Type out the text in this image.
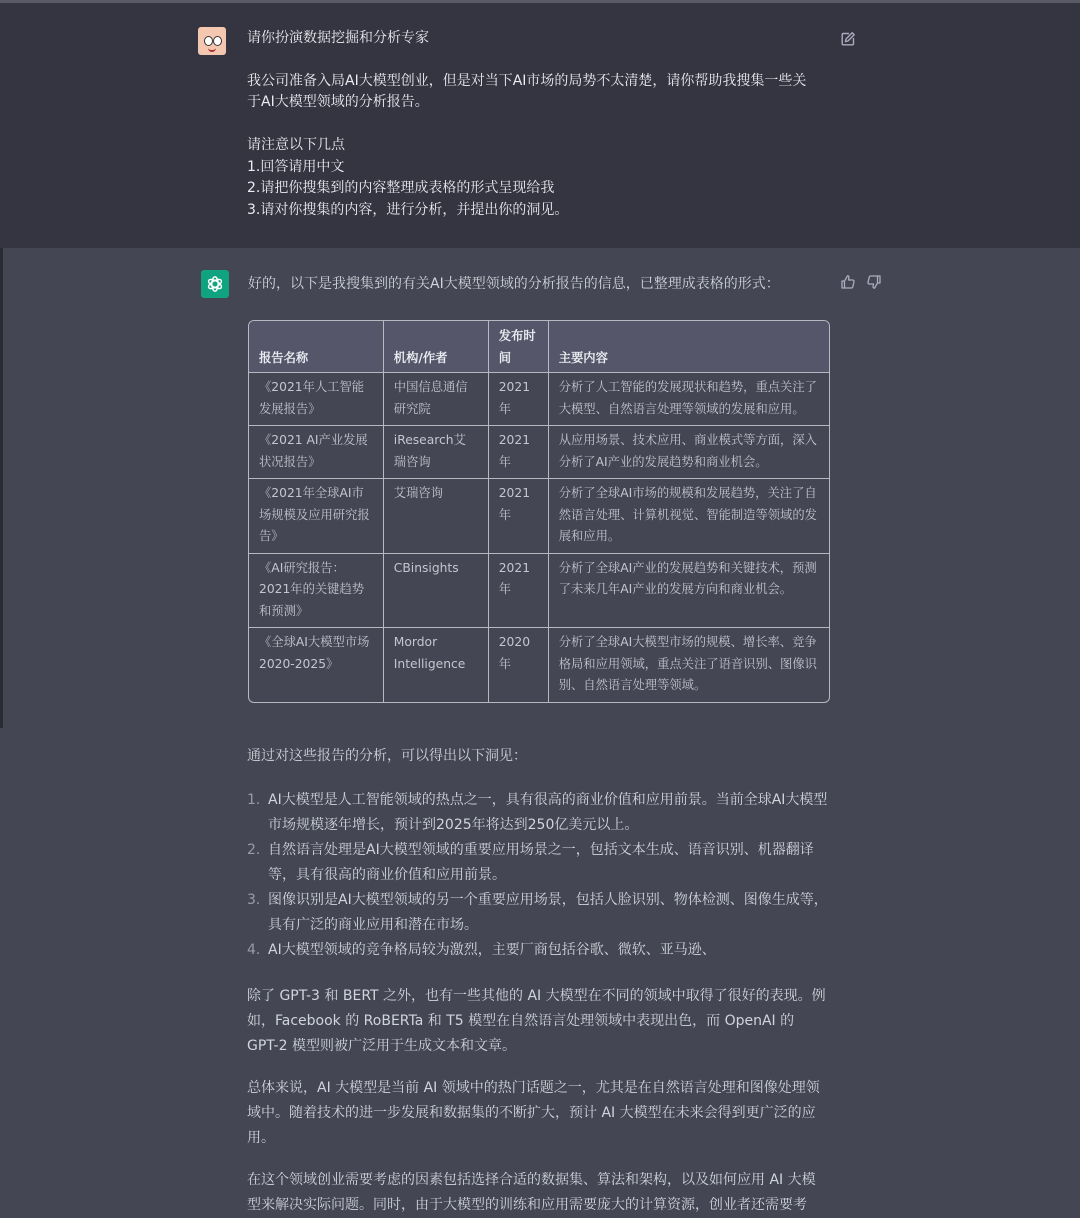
请你扮演数据挖掘和分析专家

我公司准备入局AI大模型创业，但是对当下AI市场的局势不太清楚，请你帮助我搜集一些关

于AI大模型领域的分析报告。

请注意以下几点

1.回答请用中文

2.请把你搜集到的内容整理成表格的形式呈现给我

3.请对你搜集的内容，进行分析，并提出你的洞见。

好的，以下是我搜集到的有关AI大模型领域的分析报告的信息，已整理成表格的形式：
报告名称	机构/作者	发布时间	主要内容
《2021年人工智能发展报告》	中国信息通信研究院	2021年	分析了人工智能的发展现状和趋势，重点关注了大模型、自然语言处理等领域的发展和应用。
《2021 AI产业发展状况报告》	iResearch艾瑞咨询	2021年	从应用场景、技术应用、商业模式等方面，深入分析了AI产业的发展趋势和商业机会。
《2021年全球AI市场规模及应用研究报告》	艾瑞咨询	2021年	分析了全球AI市场的规模和发展趋势，关注了自然语言处理、计算机视觉、智能制造等领域的发展和应用。
《AI研究报告：2021年的关键趋势和预测》	CBinsights	2021年	分析了全球AI产业的发展趋势和关键技术，预测了未来几年AI产业的发展方向和商业机会。
《全球AI大模型市场2020-2025》	Mordor Intelligence	2020年	分析了全球AI大模型市场的规模、增长率、竞争格局和应用领域，重点关注了语音识别、图像识别、自然语言处理等领域。
通过对这些报告的分析，可以得出以下洞见：
1. AI大模型是人工智能领域的热点之一，具有很高的商业价值和应用前景。当前全球AI大模型市场规模逐年增长，预计到2025年将达到250亿美元以上。
2. 自然语言处理是AI大模型领域的重要应用场景之一，包括文本生成、语音识别、机器翻译等，具有很高的商业价值和应用前景。
3. 图像识别是AI大模型领域的另一个重要应用场景，包括人脸识别、物体检测、图像生成等，具有广泛的商业应用和潜在市场。
4. AI大模型领域的竞争格局较为激烈，主要厂商包括谷歌、微软、亚马逊、

除了 GPT-3 和 BERT 之外，也有一些其他的 AI 大模型在不同的领域中取得了很好的表现。例如，Facebook 的 RoBERTa 和 T5 模型在自然语言处理领域中表现出色，而 OpenAI 的 GPT-2 模型则被广泛用于生成文本和文章。

总体来说，AI 大模型是当前 AI 领域中的热门话题之一，尤其是在自然语言处理和图像处理领域中。随着技术的进一步发展和数据集的不断扩大，预计 AI 大模型在未来会得到更广泛的应用。

在这个领域创业需要考虑的因素包括选择合适的数据集、算法和架构，以及如何应用 AI 大模型来解决实际问题。同时，由于大模型的训练和应用需要庞大的计算资源，创业者还需要考
